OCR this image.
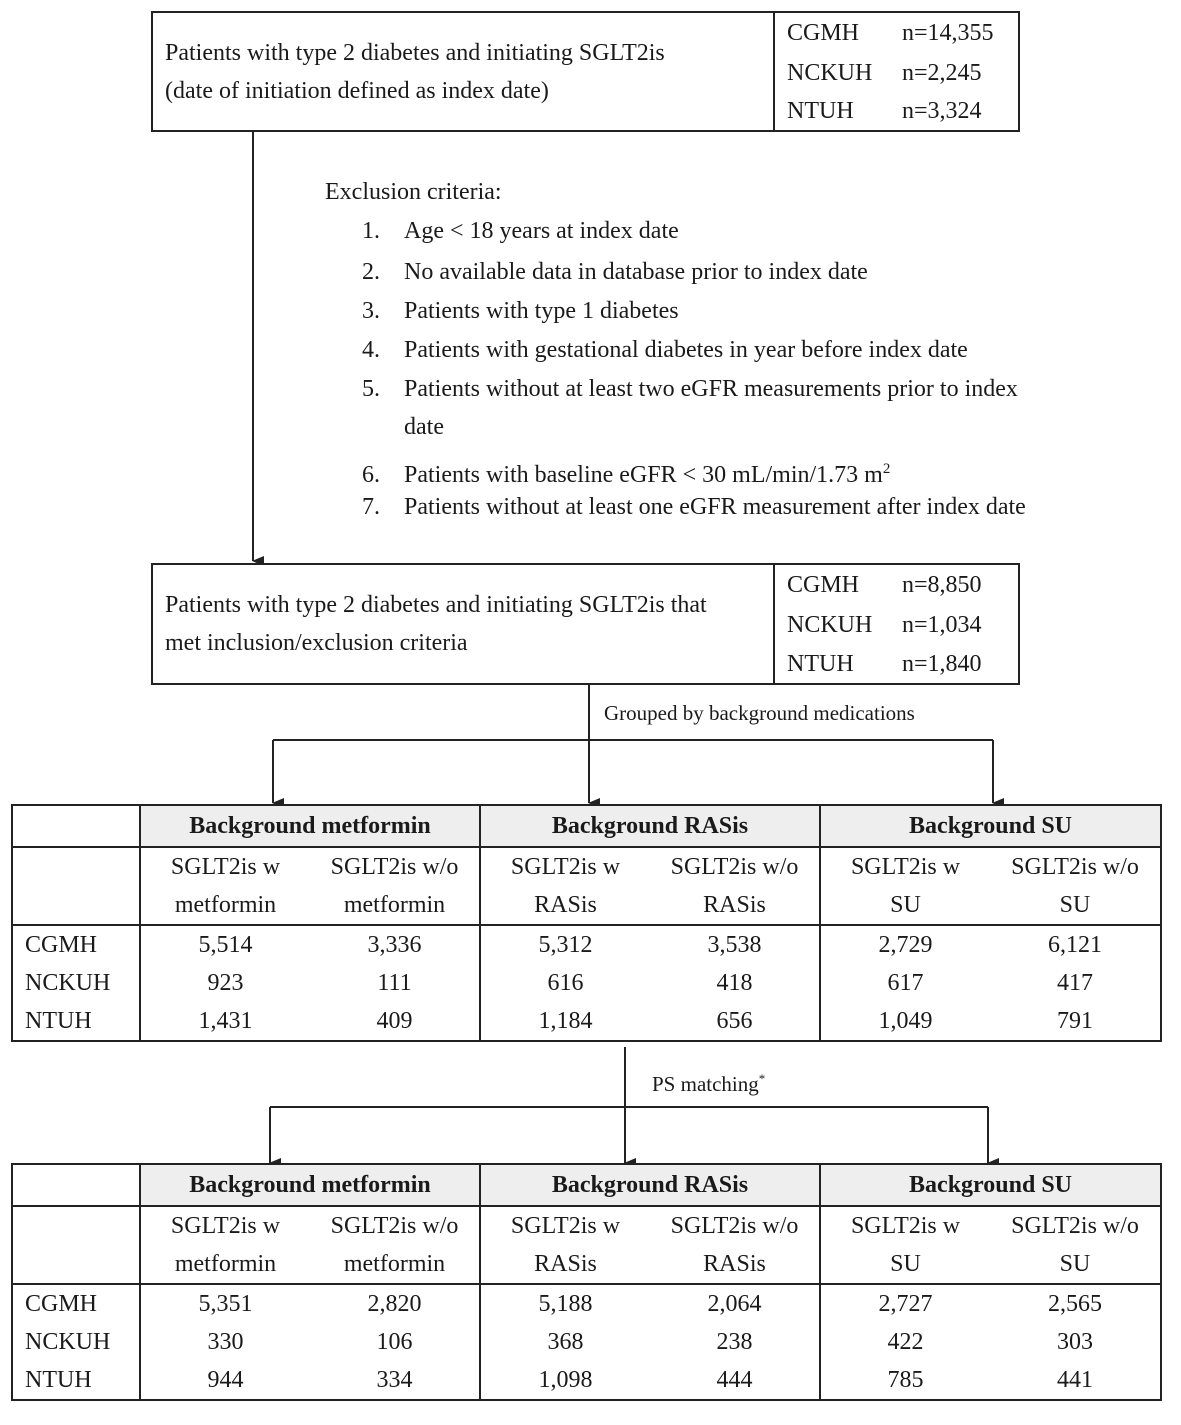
Patients with type 2 diabetes and initiating SGLT2is
(date of initiation defined as index date)
CGMH n=14,355
NCKUH n=2,245
NTUH n=3,324
Exclusion criteria:
1. Age < 18 years at index date
2. No available data in database prior to index date
3. Patients with type 1 diabetes
4. Patients with gestational diabetes in year before index date
5. Patients without at least two eGFR measurements prior to index
date
6. Patients with baseline eGFR < 30 mL/min/1.73 $m^2$
7. Patients without at least one eGFR measurement after index date
Patients with type 2 diabetes and initiating SGLT2is that
met inclusion/exclusion criteria
CGMH n=8,850
NCKUH n=1,034
NTUH n=1,840
Grouped by background medications
	Background metformin		Background RASis		Background SU	
	SGLT2is w	SGLT2is w/o	SGLT2is w	SGLT2is w/o	SGLT2is w	SGLT2is w/o
	metformin	metformin	RASis	RASis	SU	SU
CGMH	5,514	3,336	5,312	3,538	2,729	6,121
NCKUH	923	111	616	418	617	417
NTUH	1,431	409	1,184	656	1,049	791
PS matching*
	Background metformin		Background RASis		Background SU	
	SGLT2is w	SGLT2is w/o	SGLT2is w	SGLT2is w/o	SGLT2is w	SGLT2is w/o
	metformin	metformin	RASis	RASis	SU	SU
CGMH	5,351	2,820	5,188	2,064	2,727	2,565
NCKUH	330	106	368	238	422	303
NTUH	944	334	1,098	444	785	441
